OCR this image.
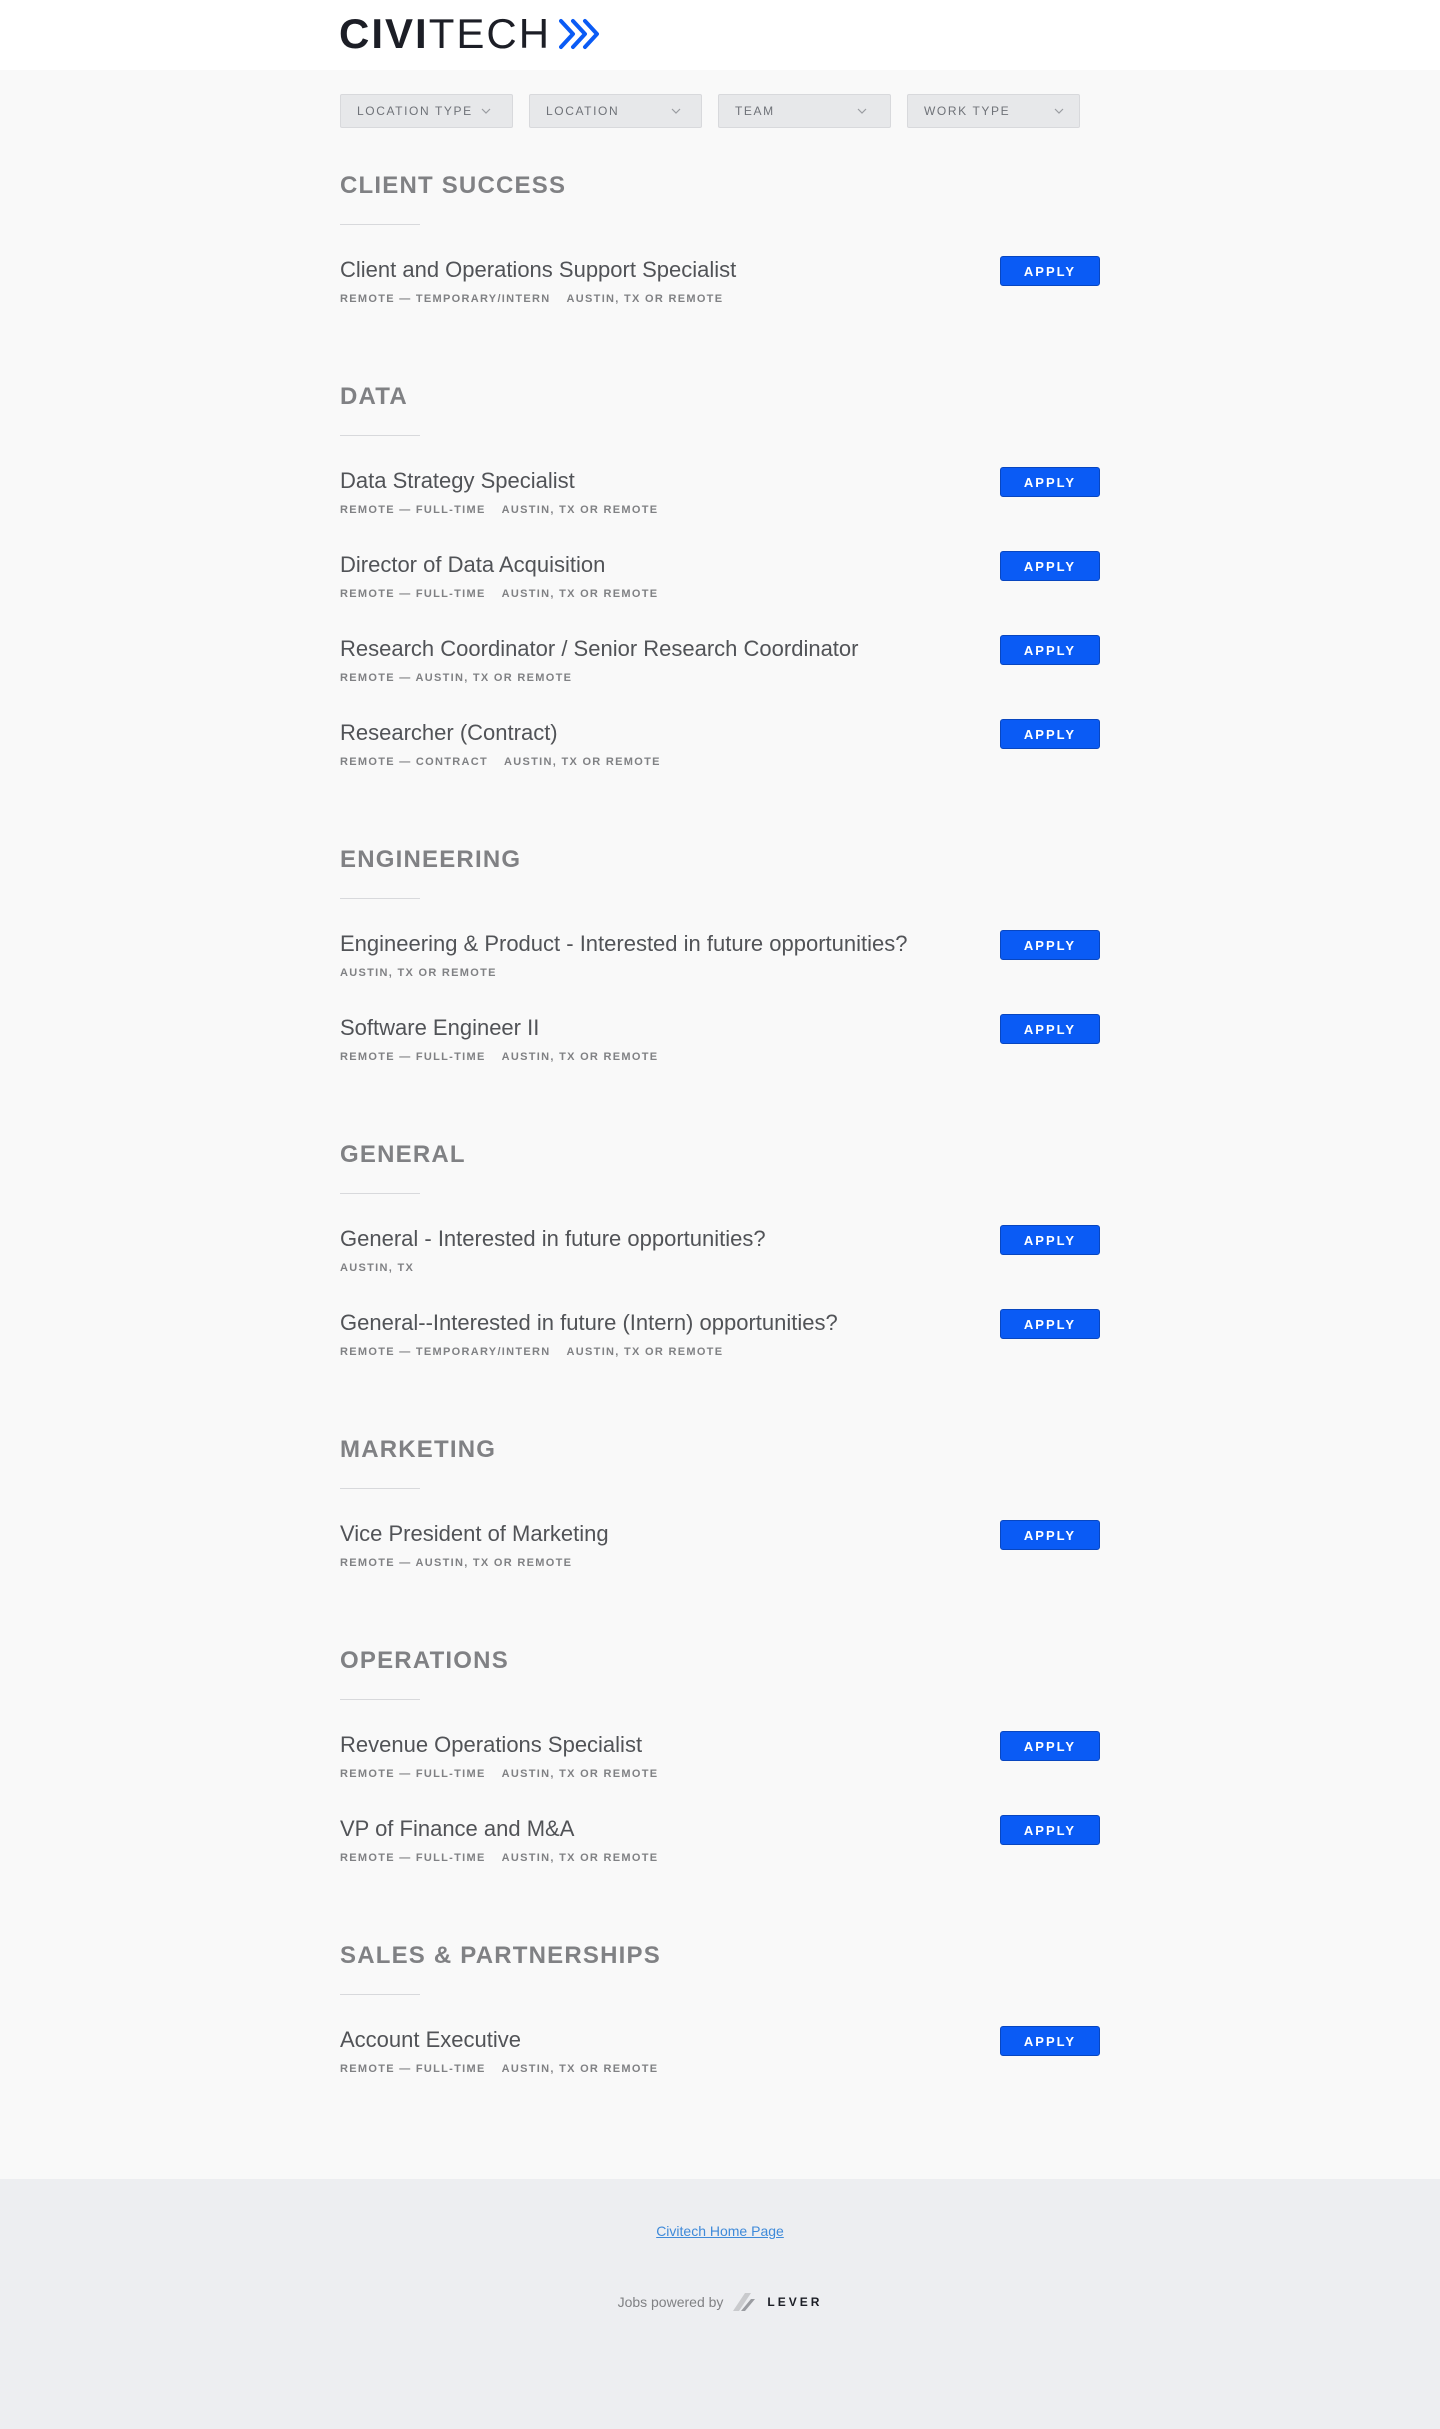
CIVI TECH
LOCATION TYPE	LOCATION	TEAM	WORK TYPE
CLIENT SUCCESS
Client and Operations Support Specialist
REMOTE — TEMPORARY/INTERN AUSTIN, TX OR REMOTE
APPLY
DATA
Data Strategy Specialist
REMOTE — FULL-TIME AUSTIN, TX OR REMOTE
APPLY
Director of Data Acquisition
REMOTE — FULL-TIME AUSTIN, TX OR REMOTE
APPLY
Research Coordinator / Senior Research Coordinator
REMOTE — AUSTIN, TX OR REMOTE
APPLY
Researcher (Contract)
REMOTE — CONTRACT AUSTIN, TX OR REMOTE
APPLY
ENGINEERING
Engineering & Product - Interested in future opportunities?
AUSTIN, TX OR REMOTE
APPLY
Software Engineer II
REMOTE — FULL-TIME AUSTIN, TX OR REMOTE
APPLY
GENERAL
General - Interested in future opportunities?
AUSTIN, TX
APPLY
General--Interested in future (Intern) opportunities?
REMOTE — TEMPORARY/INTERN AUSTIN, TX OR REMOTE
APPLY
MARKETING
Vice President of Marketing
REMOTE — AUSTIN, TX OR REMOTE
APPLY
OPERATIONS
Revenue Operations Specialist
REMOTE — FULL-TIME AUSTIN, TX OR REMOTE
APPLY
VP of Finance and M&A
REMOTE — FULL-TIME AUSTIN, TX OR REMOTE
APPLY
SALES & PARTNERSHIPS
Account Executive
REMOTE — FULL-TIME AUSTIN, TX OR REMOTE
APPLY
Civitech Home Page
Jobs powered by	LEVER
